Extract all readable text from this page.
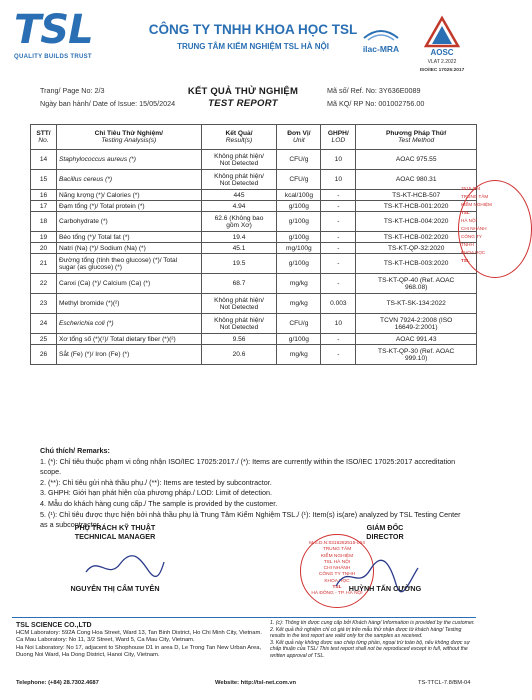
TSL
QUALITY BUILDS TRUST
CÔNG TY TNHH KHOA HỌC TSL
TRUNG TÂM KIỂM NGHIỆM TSL HÀ NỘI	ilac-MRA	AOSC
VLAT 2.2022
ISO/IEC 17025:2017
Trang/ Page No: 2/3
Ngày ban hành/ Date of Issue: 15/05/2024
KẾT QUẢ THỬ NGHIỆM
TEST REPORT
Mã số/ Ref. No: 3Y636E0089
Mã KQ/ RP No: 001002756.00
STT/
No.	Chỉ Tiêu Thử Nghiệm/
Testing Analysis(s)	Kết Quả/
Result(s)	Đơn Vị/
Unit	GHPH/
LOD	Phương Pháp Thử/
Test Method
14	Staphylococcus aureus (*)	Không phát hiện/
Not Detected	CFU/g	10	AOAC 975.55
15	Bacillus cereus (*)	Không phát hiện/
Not Detected	CFU/g	10	AOAC 980.31
16	Năng lượng (*)/ Calories (*)	445	kcal/100g	-	TS-KT-HCB-507
17	Đạm tổng (*)/ Total protein (*)	4.94	g/100g	-	TS-KT-HCB-001:2020
18	Carbohydrate (*)	62.6 (Không bao
gồm Xơ)	g/100g	-	TS-KT-HCB-004:2020
19	Béo tổng (*)/ Total fat (*)	19.4	g/100g	-	TS-KT-HCB-002:2020
20	Natri (Na) (*)/ Sodium (Na) (*)	45.1	mg/100g	-	TS-KT-QP-32:2020
21	Đường tổng (tính theo glucose) (*)/ Total
sugar (as glucose) (*)	19.5	g/100g	-	TS-KT-HCB-003:2020
22	Canxi (Ca) (*)/ Calcium (Ca) (*)	68.7	mg/kg	-	TS-KT-QP-40 (Ref. AOAC
968.08)
23	Methyl bromide (*)(²)	Không phát hiện/
Not Detected	mg/kg	0.003	TS-KT-SK-134:2022
24	Escherichia coli (*)	Không phát hiện/
Not Detected	CFU/g	10	TCVN 7924-2:2008 (ISO
16649-2:2001)
25	Xơ tổng số (*)(¹)/ Total dietary fiber (*)(²)	9.56	g/100g	-	AOAC 991.43
26	Sắt (Fe) (*)/ Iron (Fe) (*)	20.6	mg/kg	-	TS-KT-QP-30 (Ref. AOAC
999.10)
Chú thích/ Remarks:
1. (*): Chỉ tiêu thuộc phạm vi công nhận ISO/IEC 17025:2017./ (*): Items are currently within the ISO/IEC 17025:2017 accreditation scope.
2. (**): Chỉ tiêu gửi nhà thầu phụ./ (**): Items are tested by subcontractor.
3. GHPH: Giới hạn phát hiện của phương pháp./ LOD: Limit of detection.
4. Mẫu do khách hàng cung cấp./ The sample is provided by the customer.
5. (¹): Chỉ tiêu được thực hiện bởi nhà thầu phụ là Trung Tâm Kiểm Nghiệm TSL./ (¹): Item(s) is(are) analyzed by TSL Testing Center as a subcontractor.
PHỤ TRÁCH KỸ THUẬT
TECHNICAL MANAGER
NGUYỄN THỊ CẨM TUYÊN
GIÁM ĐỐC
DIRECTOR
M.S.D.N:0316282515-004
TRUNG TÂM
KIỂM NGHIỆM
TSL HÀ NỘI
CHI NHÁNH
CÔNG TY TNHH
KHOA HỌC
TSL
HÀ ĐÔNG - TP. HÀ NỘI
HUỲNH TẤN CƯỜNG
2515-004
TRUNG TÂM
KIỂM NGHIỆM
TSL
HÀ NỘI
CHI NHÁNH
CÔNG TY
TNHH
KHOA HỌC
TSL
TSL SCIENCE CO.,LTD
HCM Laboratory: 592A Cong Hoa Street, Ward 13, Tan Binh District, Ho Chi Minh City, Vietnam.
Ca Mau Laboratory: No 11, 3/2 Street, Ward 5, Ca Mau City, Vietnam.
Ha Noi Laboratory: No 17, adjacent to Shophouse D1 in area D, Le Trong Tan New Urban Area, Duong Noi Ward, Ha Dong District, Hanoi City, Vietnam.
1. (c): Thông tin được cung cấp bởi Khách hàng/ Information is provided by the customer.
2. Kết quả thử nghiệm chỉ có giá trị trên mẫu thử nhận được từ khách hàng/ Testing results in the test report are valid only for the samples as received.
3. Kết quả này không được sao chép từng phần, ngoại trừ toàn bộ, nếu không được sự chấp thuận của TSL/ This test report shall not be reproduced except in full, without the written approval of TSL.
Telephone: (+84) 28.7302.4687	Website: http://tsl-net.com.vn	TS-TTCL-7.8/BM-04
